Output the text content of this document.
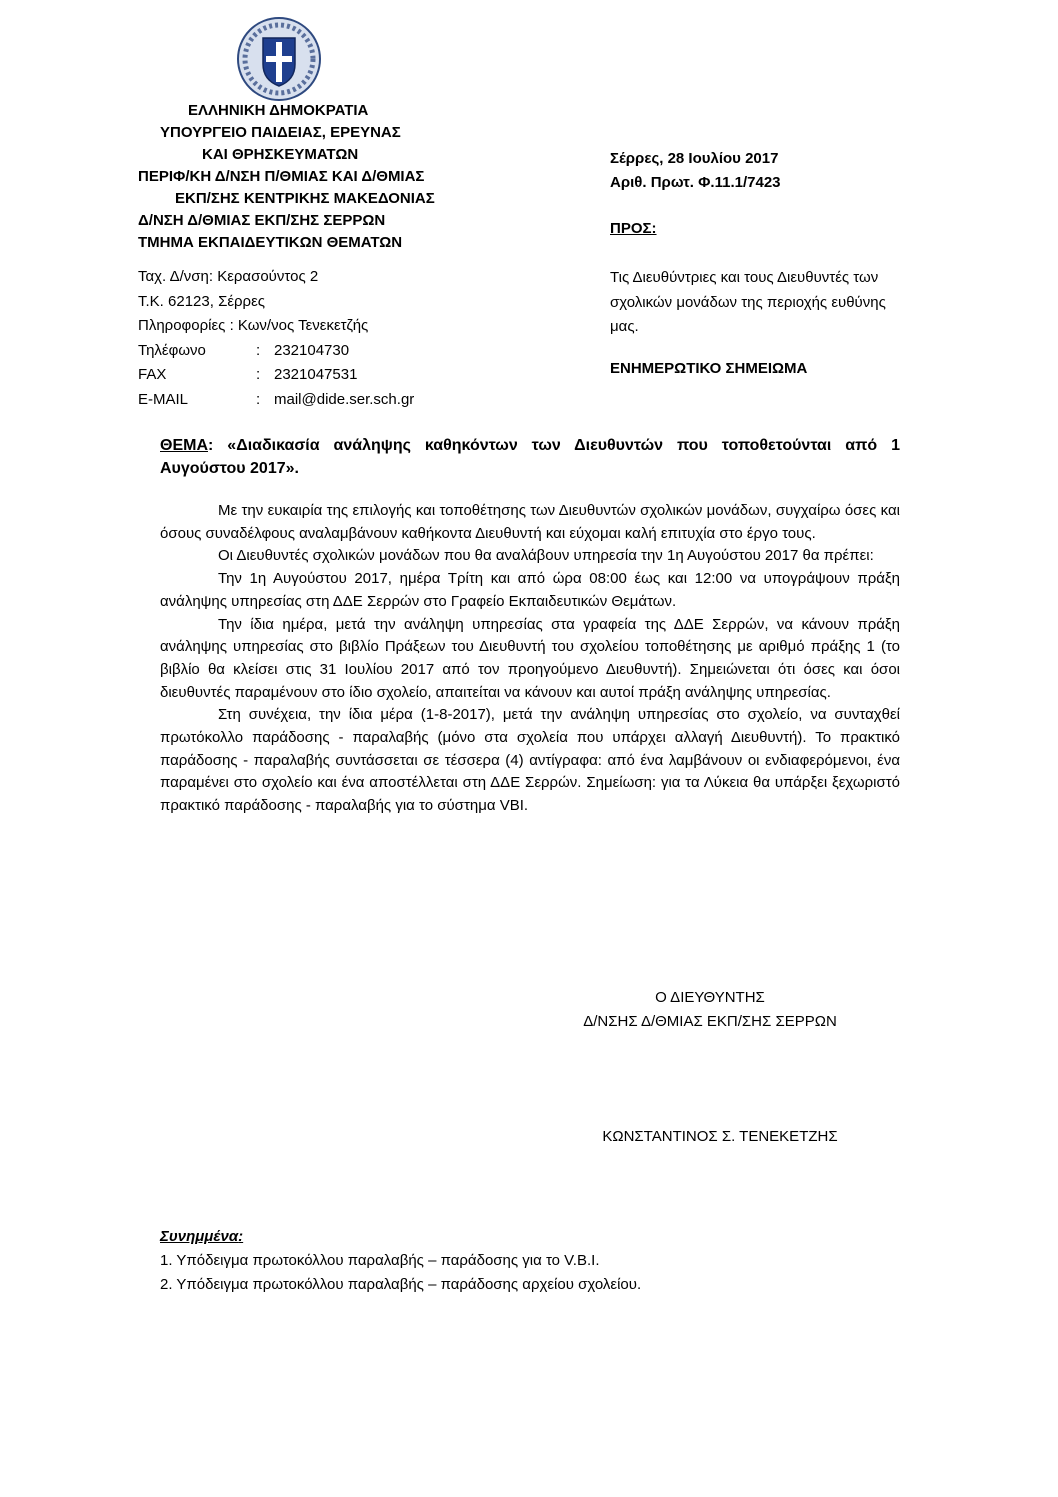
ΕΛΛΗΝΙΚΗ ΔΗΜΟΚΡΑΤΙΑ
ΥΠΟΥΡΓΕΙΟ ΠΑΙΔΕΙΑΣ, ΕΡΕΥΝΑΣ
ΚΑΙ ΘΡΗΣΚΕΥΜΑΤΩΝ
ΠΕΡΙΦ/ΚΗ Δ/ΝΣΗ Π/ΘΜΙΑΣ ΚΑΙ Δ/ΘΜΙΑΣ
ΕΚΠ/ΣΗΣ ΚΕΝΤΡΙΚΗΣ ΜΑΚΕΔΟΝΙΑΣ
Δ/ΝΣΗ Δ/ΘΜΙΑΣ ΕΚΠ/ΣΗΣ ΣΕΡΡΩΝ
ΤΜΗΜΑ ΕΚΠΑΙΔΕΥΤΙΚΩΝ ΘΕΜΑΤΩΝ
Ταχ. Δ/νση: Κερασούντος 2
Τ.Κ. 62123, Σέρρες
Πληροφορίες : Κων/νος Τενεκετζής
Τηλέφωνο	: 232104730
FAX	: 2321047531
E-MAIL	: mail@dide.ser.sch.gr
Σέρρες, 28 Ιουλίου 2017
Αριθ. Πρωτ. Φ.11.1/7423
ΠΡΟΣ:
Τις Διευθύντριες και τους Διευθυντές των σχολικών μονάδων της περιοχής ευθύνης μας.
ΕΝΗΜΕΡΩΤΙΚΟ ΣΗΜΕΙΩΜΑ
ΘΕΜΑ: «Διαδικασία ανάληψης καθηκόντων των Διευθυντών που τοποθετούνται από 1 Αυγούστου 2017».

Με την ευκαιρία της επιλογής και τοποθέτησης των Διευθυντών σχολικών μονάδων, συγχαίρω όσες και όσους συναδέλφους αναλαμβάνουν καθήκοντα Διευθυντή και εύχομαι καλή επιτυχία στο έργο τους.

Οι Διευθυντές σχολικών μονάδων που θα αναλάβουν υπηρεσία την 1η Αυγούστου 2017 θα πρέπει:

Την 1η Αυγούστου 2017, ημέρα Τρίτη και από ώρα 08:00 έως και 12:00 να υπογράψουν πράξη ανάληψης υπηρεσίας στη ΔΔΕ Σερρών στο Γραφείο Εκπαιδευτικών Θεμάτων.

Την ίδια ημέρα, μετά την ανάληψη υπηρεσίας στα γραφεία της ΔΔΕ Σερρών, να κάνουν πράξη ανάληψης υπηρεσίας στο βιβλίο Πράξεων του Διευθυντή του σχολείου τοποθέτησης με αριθμό πράξης 1 (το βιβλίο θα κλείσει στις 31 Ιουλίου 2017 από τον προηγούμενο Διευθυντή). Σημειώνεται ότι όσες και όσοι διευθυντές παραμένουν στο ίδιο σχολείο, απαιτείται να κάνουν και αυτοί πράξη ανάληψης υπηρεσίας.

Στη συνέχεια, την ίδια μέρα (1-8-2017), μετά την ανάληψη υπηρεσίας στο σχολείο, να συνταχθεί πρωτόκολλο παράδοσης - παραλαβής (μόνο στα σχολεία που υπάρχει αλλαγή Διευθυντή). Το πρακτικό παράδοσης - παραλαβής συντάσσεται σε τέσσερα (4) αντίγραφα: από ένα λαμβάνουν οι ενδιαφερόμενοι, ένα παραμένει στο σχολείο και ένα αποστέλλεται στη ΔΔΕ Σερρών. Σημείωση: για τα Λύκεια θα υπάρξει ξεχωριστό πρακτικό παράδοσης - παραλαβής για το σύστημα VBI.

Ο ΔΙΕΥΘΥΝΤΗΣ
Δ/ΝΣΗΣ Δ/ΘΜΙΑΣ ΕΚΠ/ΣΗΣ ΣΕΡΡΩΝ
ΚΩΝΣΤΑΝΤΙΝΟΣ Σ. ΤΕΝΕΚΕΤΖΗΣ
Συνημμένα:
1. Υπόδειγμα πρωτοκόλλου παραλαβής – παράδοσης για το V.B.I.
2. Υπόδειγμα πρωτοκόλλου παραλαβής – παράδοσης αρχείου σχολείου.
